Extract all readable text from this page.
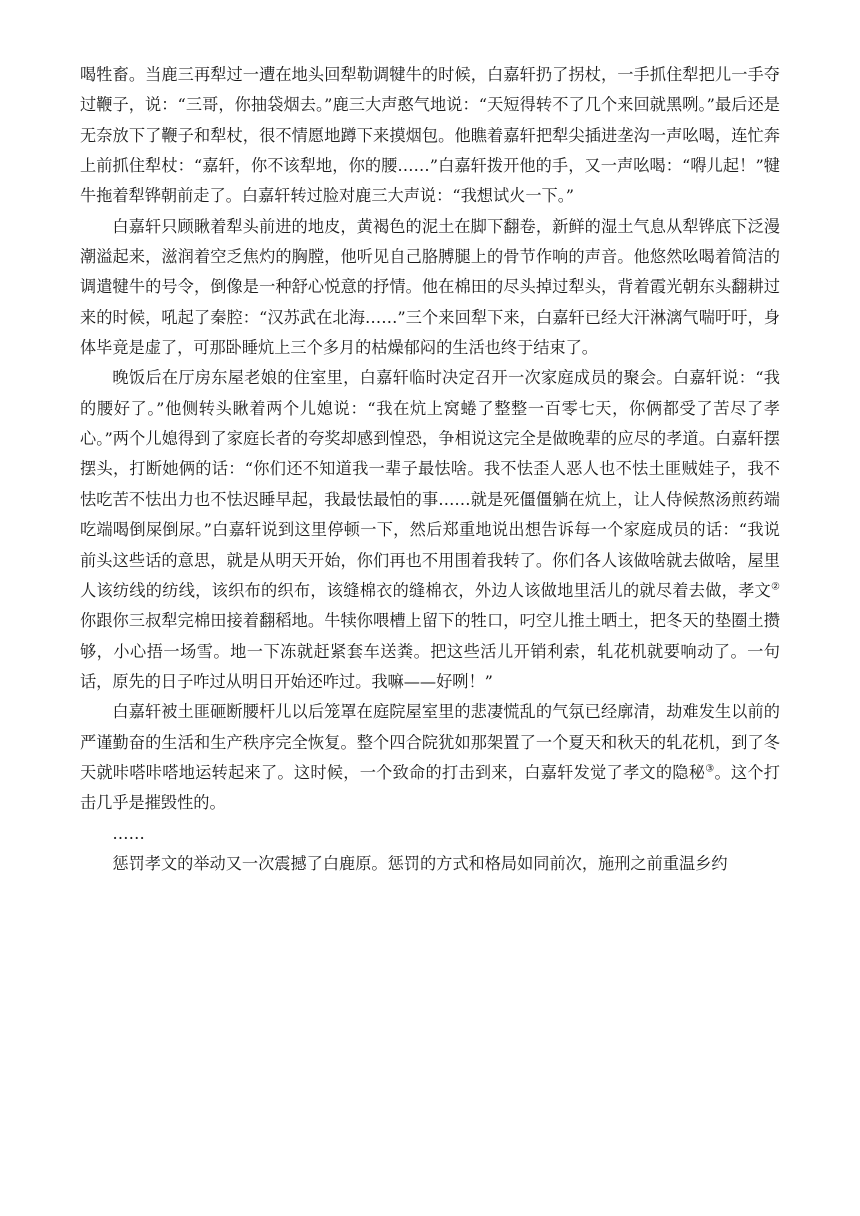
喝牲畜。当鹿三再犁过一遭在地头回犁勒调犍牛的时候，白嘉轩扔了拐杖，一手抓住犁把儿一手夺过鞭子，说：“三哥，你抽袋烟去。”鹿三大声憨气地说：“天短得转不了几个来回就黑咧。”最后还是无奈放下了鞭子和犁杖，很不情愿地蹲下来摸烟包。他瞧着嘉轩把犁尖插进垄沟一声吆喝，连忙奔上前抓住犁杖：“嘉轩，你不该犁地，你的腰……”白嘉轩拨开他的手，又一声吆喝：“嘚儿起！”犍牛拖着犁铧朝前走了。白嘉轩转过脸对鹿三大声说：“我想试火一下。”

白嘉轩只顾瞅着犁头前进的地皮，黄褐色的泥土在脚下翻卷，新鲜的湿土气息从犁铧底下泛漫潮溢起来，滋润着空乏焦灼的胸膛，他听见自己胳膊腿上的骨节作响的声音。他悠然吆喝着简洁的调遣犍牛的号令，倒像是一种舒心悦意的抒情。他在棉田的尽头掉过犁头，背着霞光朝东头翻耕过来的时候，吼起了秦腔：“汉苏武在北海……”三个来回犁下来，白嘉轩已经大汗淋漓气喘吁吁，身体毕竟是虚了，可那卧睡炕上三个多月的枯燥郁闷的生活也终于结束了。

晚饭后在厅房东屋老娘的住室里，白嘉轩临时决定召开一次家庭成员的聚会。白嘉轩说：“我的腰好了。”他侧转头瞅着两个儿媳说：“我在炕上窝蜷了整整一百零七天，你俩都受了苦尽了孝心。”两个儿媳得到了家庭长者的夸奖却感到惶恐，争相说这完全是做晚辈的应尽的孝道。白嘉轩摆摆头，打断她俩的话：“你们还不知道我一辈子最怯啥。我不怯歪人恶人也不怯土匪贼娃子，我不怯吃苦不怯出力也不怯迟睡早起，我最怯最怕的事……就是死僵僵躺在炕上，让人侍候熬汤煎药端吃端喝倒屎倒尿。”白嘉轩说到这里停顿一下，然后郑重地说出想告诉每一个家庭成员的话：“我说前头这些话的意思，就是从明天开始，你们再也不用围着我转了。你们各人该做啥就去做啥，屋里人该纺线的纺线，该织布的织布，该缝棉衣的缝棉衣，外边人该做地里活儿的就尽着去做，孝文②你跟你三叔犁完棉田接着翻稻地。牛犊你喂槽上留下的牲口，叼空儿推土晒土，把冬天的垫圈土攒够，小心捂一场雪。地一下冻就赶紧套车送粪。把这些活儿开销利索，轧花机就要响动了。一句话，原先的日子咋过从明日开始还咋过。我嘛——好咧！”

白嘉轩被土匪砸断腰杆儿以后笼罩在庭院屋室里的悲凄慌乱的气氛已经廓清，劫难发生以前的严谨勤奋的生活和生产秩序完全恢复。整个四合院犹如那架置了一个夏天和秋天的轧花机，到了冬天就咔嗒咔嗒地运转起来了。这时候，一个致命的打击到来，白嘉轩发觉了孝文的隐秘③。这个打击几乎是摧毁性的。

……

惩罚孝文的举动又一次震撼了白鹿原。惩罚的方式和格局如同前次，施刑之前重温乡约
